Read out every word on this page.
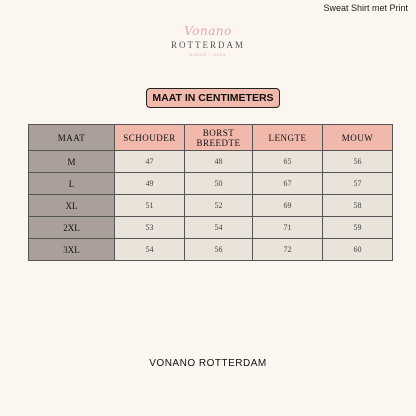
Sweat Shirt met Print
Vonano
ROTTERDAM
SINCE · 2023
MAAT IN CENTIMETERS
MAAT	SCHOUDER	BORST BREEDTE	LENGTE	MOUW
M	47	48	65	56
L	49	50	67	57
XL	51	52	69	58
2XL	53	54	71	59
3XL	54	56	72	60
VONANO ROTTERDAM
